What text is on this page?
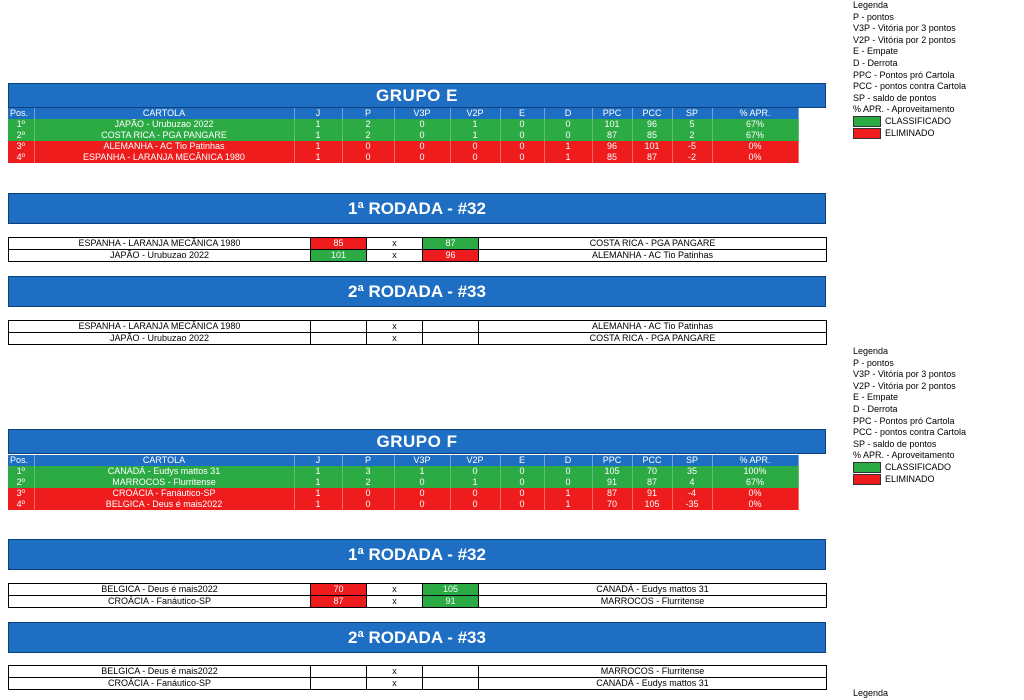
Legenda
P - pontos
V3P - Vitória por 3 pontos
V2P - Vitória por 2 pontos
E - Empate
D - Derrota
PPC - Pontos pró Cartola
PCC - pontos contra Cartola
SP - saldo de pontos
% APR. - Aproveitamento
CLASSIFICADO
ELIMINADO
Legenda
P - pontos
V3P - Vitória por 3 pontos
V2P - Vitória por 2 pontos
E - Empate
D - Derrota
PPC - Pontos pró Cartola
PCC - pontos contra Cartola
SP - saldo de pontos
% APR. - Aproveitamento
CLASSIFICADO
ELIMINADO
Legenda
GRUPO E
Pos.	CARTOLA	J	P	V3P	V2P	E	D	PPC	PCC	SP	% APR.
1º	JAPÃO - Urubuzao 2022	1	2	0	1	0	0	101	96	5	67%
2º	COSTA RICA - PGA PANGARE	1	2	0	1	0	0	87	85	2	67%
3º	ALEMANHA - AC Tio Patinhas	1	0	0	0	0	1	96	101	-5	0%
4º	ESPANHA - LARANJA MECÂNICA 1980	1	0	0	0	0	1	85	87	-2	0%
1ª RODADA - #32
ESPANHA - LARANJA MECÂNICA 1980	85	x	87	COSTA RICA - PGA PANGARE
JAPÃO - Urubuzao 2022	101	x	96	ALEMANHA - AC Tio Patinhas
2ª RODADA - #33
ESPANHA - LARANJA MECÂNICA 1980		x		ALEMANHA - AC Tio Patinhas
JAPÃO - Urubuzao 2022		x		COSTA RICA - PGA PANGARE
GRUPO F
Pos.	CARTOLA	J	P	V3P	V2P	E	D	PPC	PCC	SP	% APR.
1º	CANADÁ - Eudys mattos 31	1	3	1	0	0	0	105	70	35	100%
2º	MARROCOS - Flurritense	1	2	0	1	0	0	91	87	4	67%
3º	CROÁCIA - Fanáutico-SP	1	0	0	0	0	1	87	91	-4	0%
4º	BELGICA - Deus é mais2022	1	0	0	0	0	1	70	105	-35	0%
1ª RODADA - #32
BELGICA - Deus é mais2022	70	x	105	CANADÁ - Eudys mattos 31
CROÁCIA - Fanáutico-SP	87	x	91	MARROCOS - Flurritense
2ª RODADA - #33
BELGICA - Deus é mais2022		x		MARROCOS - Flurritense
CROÁCIA - Fanáutico-SP		x		CANADÁ - Eudys mattos 31
